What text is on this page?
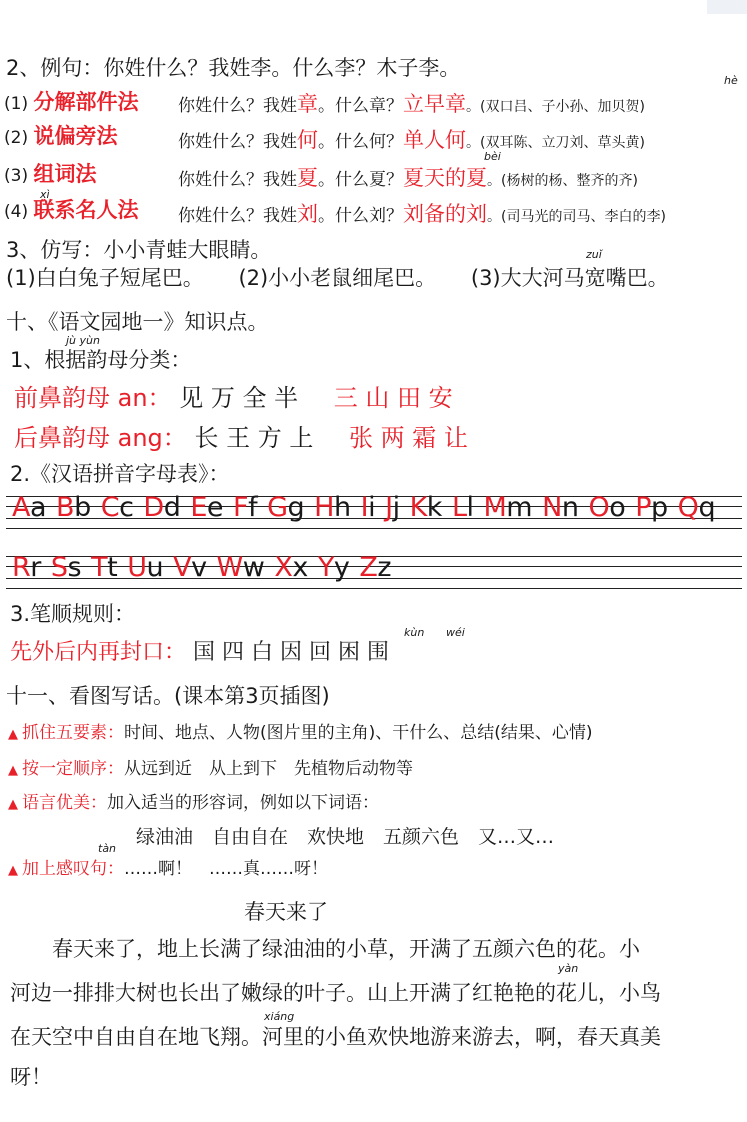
2、例句：你姓什么？我姓李。什么李？木子李。
(1) 分解部件法 你姓什么？我姓章。什么章？立早章。(双口吕、子小孙、加贝贺)
hè
(2) 说偏旁法	你姓什么？我姓何。什么何？单人何。(双耳陈、立刀刘、草头黄)
(3) 组词法	你姓什么？我姓夏。什么夏？夏天的夏。(杨树的杨、整齐的齐)
xì
bèi
(4) 联系名人法 你姓什么？我姓刘。什么刘？刘备的刘。(司马光的司马、李白的李)
3、仿写：小小青蛙大眼睛。	zuǐ
(1)白白兔子短尾巴。 (2)小小老鼠细尾巴。 (3)大大河马宽嘴巴。
十、《语文园地一》知识点。
jù yùn
1、根据韵母分类：
前鼻韵母 an： 见 万 全 半 三 山 田 安
后鼻韵母 ang： 长 王 方 上 张 两 霜 让
2.《汉语拼音字母表》：
Aa Bb Cc Dd Ee Ff Gg Hh Ii Jj Kk Ll Mm Nn Oo Pp Qq
Rr Ss Tt Uu Vv Ww Xx Yy Zz
3.笔顺规则：
kùn wéi
先外后内再封口： 国 四 白 因 回 困 围
十一、看图写话。(课本第3页插图)
▲ 抓住五要素：时间、地点、人物(图片里的主角)、干什么、总结(结果、心情)
▲ 按一定顺序：从远到近　从上到下　先植物后动物等
▲ 语言优美：加入适当的形容词，例如以下词语：
绿油油　自由自在　欢快地　五颜六色　又…又…
tàn
▲ 加上感叹句：……啊！　……真……呀！
春天来了
yàn
xiáng
　　春天来了，地上长满了绿油油的小草，开满了五颜六色的花。小
河边一排排大树也长出了嫩绿的叶子。山上开满了红艳艳的花儿，小鸟
在天空中自由自在地飞翔。河里的小鱼欢快地游来游去，啊，春天真美
呀！
